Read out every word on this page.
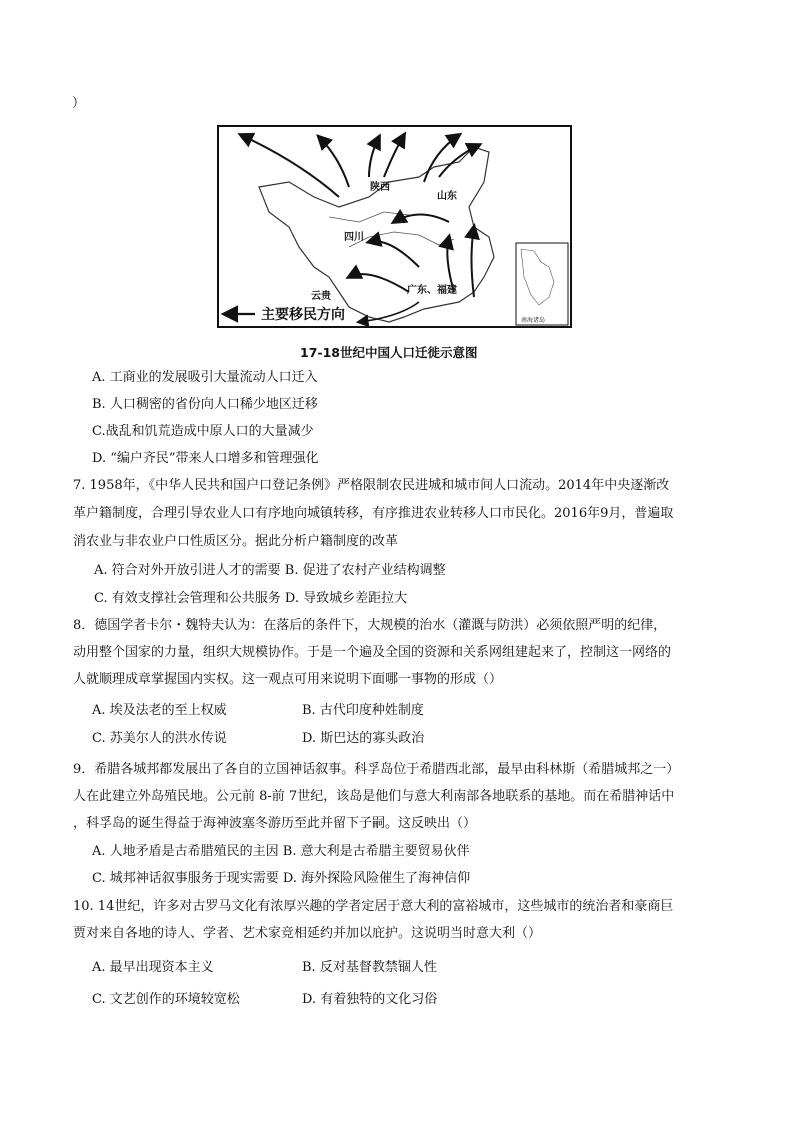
）
陕西
山东
四川
云贵
广东、福建
主要移民方向	南海诸岛
17-18世纪中国人口迁徙示意图
A. 工商业的发展吸引大量流动人口迁入
B. 人口稠密的省份向人口稀少地区迁移
C.战乱和饥荒造成中原人口的大量减少
D. “编户齐民”带来人口增多和管理强化
7. 1958年，《中华人民共和国户口登记条例》严格限制农民进城和城市间人口流动。2014年中央逐渐改
革户籍制度，合理引导农业人口有序地向城镇转移，有序推进农业转移人口市民化。2016年9月，普遍取
消农业与非农业户口性质区分。据此分析户籍制度的改革
A. 符合对外开放引进人才的需要 B. 促进了农村产业结构调整
C. 有效支撑社会管理和公共服务 D. 导致城乡差距拉大
8．德国学者卡尔・魏特夫认为：在落后的条件下，大规模的治水（灌溉与防洪）必须依照严明的纪律，
动用整个国家的力量，组织大规模协作。于是一个遍及全国的资源和关系网组建起来了，控制这一网络的
人就顺理成章掌握国内实权。这一观点可用来说明下面哪一事物的形成（）
A. 埃及法老的至上权威	B. 古代印度种姓制度
C. 苏美尔人的洪水传说	D. 斯巴达的寡头政治
9．希腊各城邦都发展出了各自的立国神话叙事。科孚岛位于希腊西北部，最早由科林斯（希腊城邦之一）
人在此建立外岛殖民地。公元前 8-前 7世纪，该岛是他们与意大利南部各地联系的基地。而在希腊神话中
，科孚岛的诞生得益于海神波塞冬游历至此并留下子嗣。这反映出（）
A. 人地矛盾是古希腊殖民的主因 B. 意大利是古希腊主要贸易伙伴
C. 城邦神话叙事服务于现实需要 D. 海外探险风险催生了海神信仰
10. 14世纪，许多对古罗马文化有浓厚兴趣的学者定居于意大利的富裕城市，这些城市的统治者和豪商巨
贾对来自各地的诗人、学者、艺术家竞相延约并加以庇护。这说明当时意大利（）
A. 最早出现资本主义	B. 反对基督教禁锢人性
C. 文艺创作的环境较宽松	D. 有着独特的文化习俗
